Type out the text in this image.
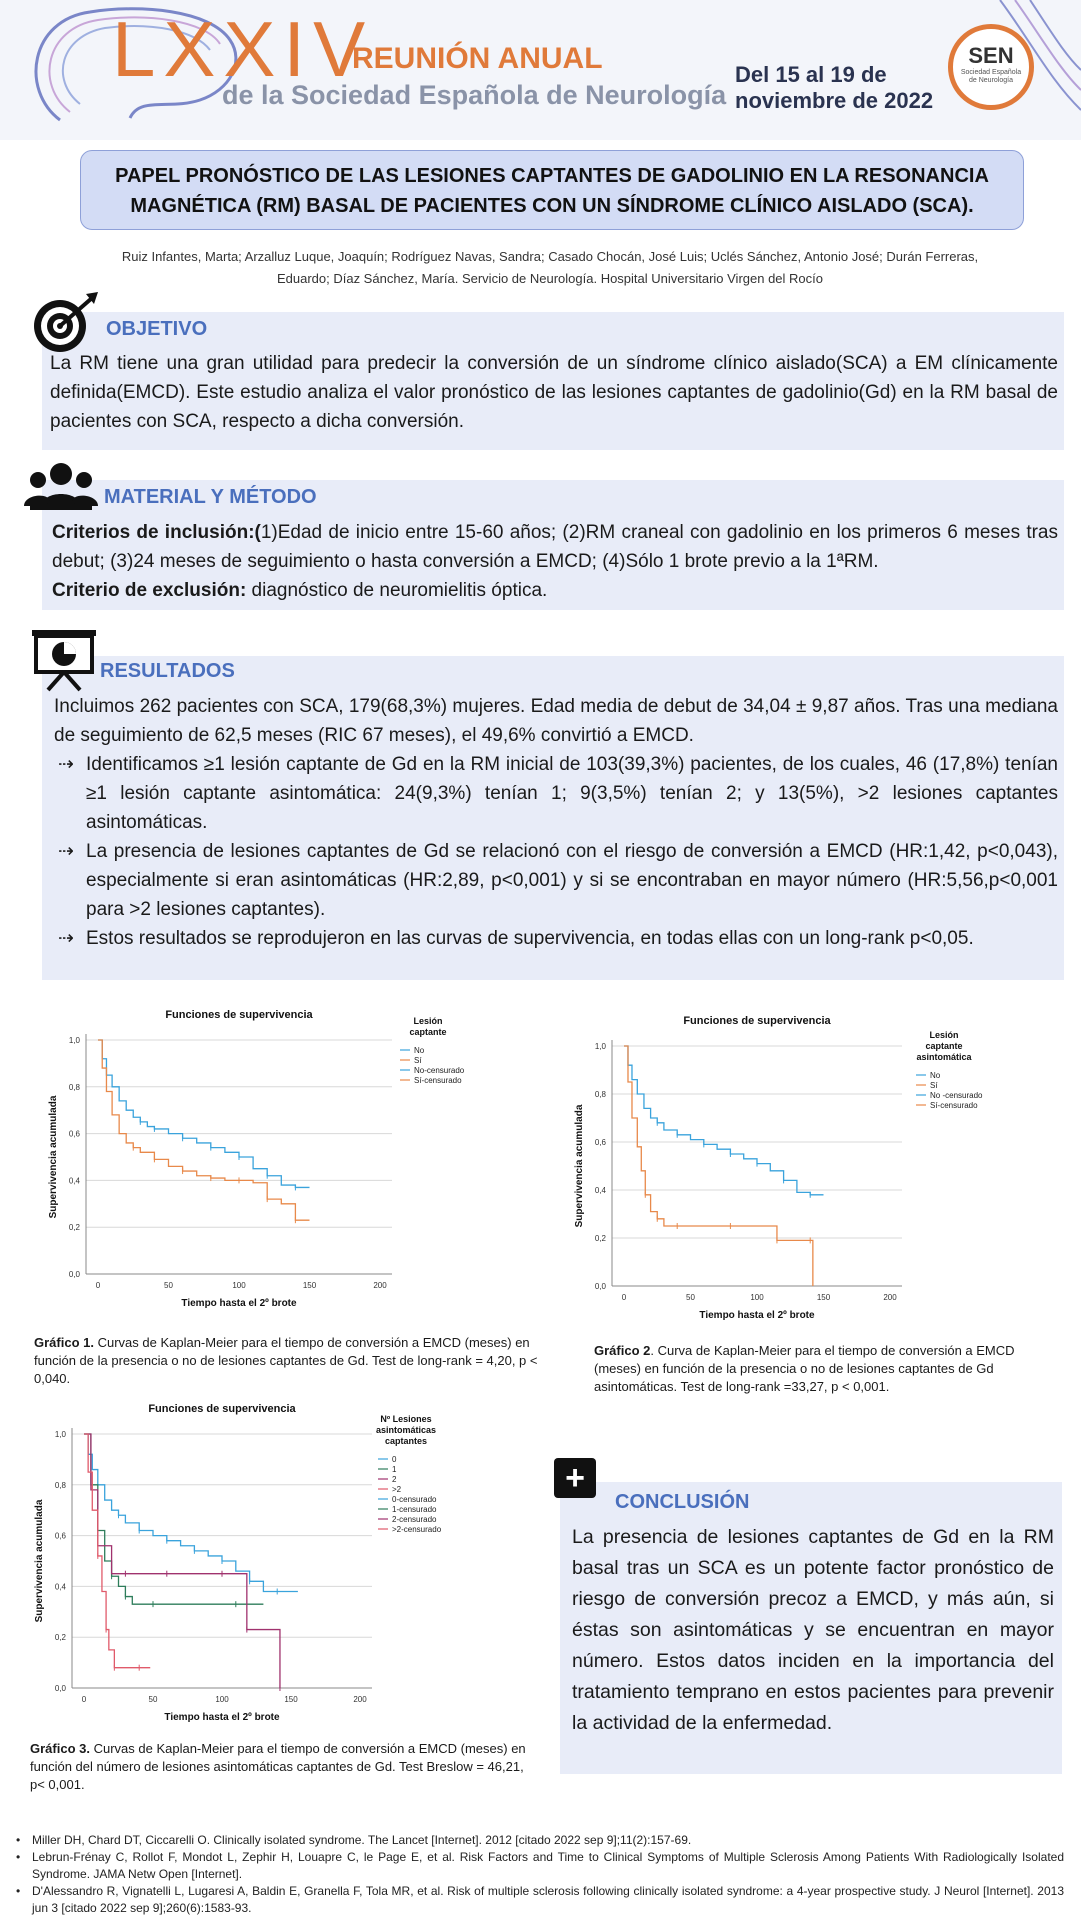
LXXIV
REUNIÓN ANUAL
de la Sociedad Española de Neurología
Del 15 al 19 de
noviembre de 2022
SEN
Sociedad Española de Neurología
PAPEL PRONÓSTICO DE LAS LESIONES CAPTANTES DE GADOLINIO EN LA RESONANCIA
MAGNÉTICA (RM) BASAL DE PACIENTES CON UN SÍNDROME CLÍNICO AISLADO (SCA).
Ruiz Infantes, Marta; Arzalluz Luque, Joaquín; Rodríguez Navas, Sandra; Casado Chocán, José Luis; Uclés Sánchez, Antonio José; Durán Ferreras,
Eduardo; Díaz Sánchez, María. Servicio de Neurología. Hospital Universitario Virgen del Rocío
OBJETIVO
La RM tiene una gran utilidad para predecir la conversión de un síndrome clínico aislado(SCA) a EM clínicamente definida(EMCD). Este estudio analiza el valor pronóstico de las lesiones captantes de gadolinio(Gd) en la RM basal de pacientes con SCA, respecto a dicha conversión.
MATERIAL Y MÉTODO
Criterios de inclusión:(1)Edad de inicio entre 15-60 años; (2)RM craneal con gadolinio en los primeros 6 meses tras debut; (3)24 meses de seguimiento o hasta conversión a EMCD; (4)Sólo 1 brote previo a la 1ªRM.
Criterio de exclusión: diagnóstico de neuromielitis óptica.
RESULTADOS
Incluimos 262 pacientes con SCA, 179(68,3%) mujeres. Edad media de debut de 34,04 ± 9,87 años. Tras una mediana de seguimiento de 62,5 meses (RIC 67 meses), el 49,6% convirtió a EMCD.
⇢ Identificamos ≥1 lesión captante de Gd en la RM inicial de 103(39,3%) pacientes, de los cuales, 46 (17,8%) tenían ≥1 lesión captante asintomática: 24(9,3%) tenían 1; 9(3,5%) tenían 2; y 13(5%), >2 lesiones captantes asintomáticas.
⇢ La presencia de lesiones captantes de Gd se relacionó con el riesgo de conversión a EMCD (HR:1,42, p<0,043), especialmente si eran asintomáticas (HR:2,89, p<0,001) y si se encontraban en mayor número (HR:5,56,p<0,001 para >2 lesiones captantes).
⇢ Estos resultados se reprodujeron en las curvas de supervivencia, en todas ellas con un long-rank p<0,05.
Funciones de supervivencia
0,0
0,2
0,4
0,6
0,8
1,0
0	50	100	150	200
Tiempo hasta el 2º brote
Supervivencia acumulada
Lesión
captante
No
Sí
No-censurado
Sí-censurado
Funciones de supervivencia
0,0
0,2
0,4
0,6
0,8
1,0
0	50	100	150	200
Tiempo hasta el 2º brote
Supervivencia acumulada
Lesión
captante
asintomática
No
Sí
No -censurado
Sí-censurado
Funciones de supervivencia
0,0
0,2
0,4
0,6
0,8
1,0
0	50	100	150	200
Tiempo hasta el 2º brote
Supervivencia acumulada
Nº Lesiones
asintomáticas
captantes
0
1
2
>2
0-censurado
1-censurado
2-censurado
>2-censurado
Gráfico 1. Curvas de Kaplan-Meier para el tiempo de conversión a EMCD (meses) en función de la presencia o no de lesiones captantes de Gd. Test de long-rank = 4,20, p < 0,040.
Gráfico 2. Curva de Kaplan-Meier para el tiempo de conversión a EMCD (meses) en función de la presencia o no de lesiones captantes de Gd asintomáticas. Test de long-rank =33,27, p < 0,001.
Gráfico 3. Curvas de Kaplan-Meier para el tiempo de conversión a EMCD (meses) en función del número de lesiones asintomáticas captantes de Gd. Test Breslow = 46,21, p< 0,001.
+
CONCLUSIÓN
La presencia de lesiones captantes de Gd en la RM basal tras un SCA es un potente factor pronóstico de riesgo de conversión precoz a EMCD, y más aún, si éstas son asintomáticas y se encuentran en mayor número. Estos datos inciden en la importancia del tratamiento temprano en estos pacientes para prevenir la actividad de la enfermedad.
• Miller DH, Chard DT, Ciccarelli O. Clinically isolated syndrome. The Lancet [Internet]. 2012 [citado 2022 sep 9];11(2):157-69.
• Lebrun-Frénay C, Rollot F, Mondot L, Zephir H, Louapre C, le Page E, et al. Risk Factors and Time to Clinical Symptoms of Multiple Sclerosis Among Patients With Radiologically Isolated Syndrome. JAMA Netw Open [Internet].
• D'Alessandro R, Vignatelli L, Lugaresi A, Baldin E, Granella F, Tola MR, et al. Risk of multiple sclerosis following clinically isolated syndrome: a 4-year prospective study. J Neurol [Internet]. 2013 jun 3 [citado 2022 sep 9];260(6):1583-93.
